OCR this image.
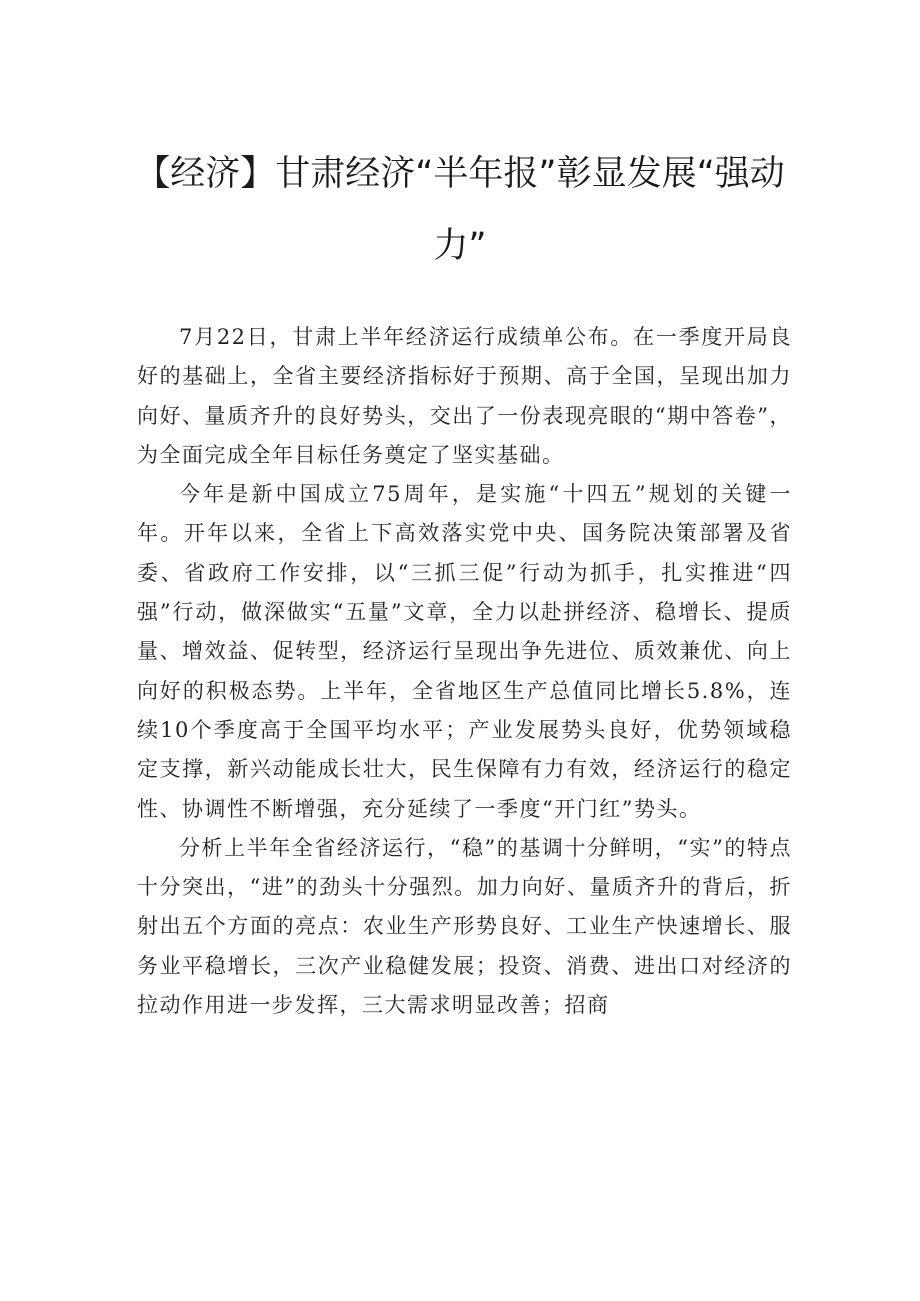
【经济】甘肃经济“半年报”彰显发展“强动力”

7月22日，甘肃上半年经济运行成绩单公布。在一季度开局良好的基础上，全省主要经济指标好于预期、高于全国，呈现出加力向好、量质齐升的良好势头，交出了一份表现亮眼的“期中答卷”，为全面完成全年目标任务奠定了坚实基础。

今年是新中国成立75周年，是实施“十四五”规划的关键一年。开年以来，全省上下高效落实党中央、国务院决策部署及省委、省政府工作安排，以“三抓三促”行动为抓手，扎实推进“四强”行动，做深做实“五量”文章，全力以赴拼经济、稳增长、提质量、增效益、促转型，经济运行呈现出争先进位、质效兼优、向上向好的积极态势。上半年，全省地区生产总值同比增长5.8%，连续10个季度高于全国平均水平；产业发展势头良好，优势领域稳定支撑，新兴动能成长壮大，民生保障有力有效，经济运行的稳定性、协调性不断增强，充分延续了一季度“开门红”势头。

分析上半年全省经济运行，“稳”的基调十分鲜明，“实”的特点十分突出，“进”的劲头十分强烈。加力向好、量质齐升的背后，折射出五个方面的亮点：农业生产形势良好、工业生产快速增长、服务业平稳增长，三次产业稳健发展；投资、消费、进出口对经济的拉动作用进一步发挥，三大需求明显改善；招商
